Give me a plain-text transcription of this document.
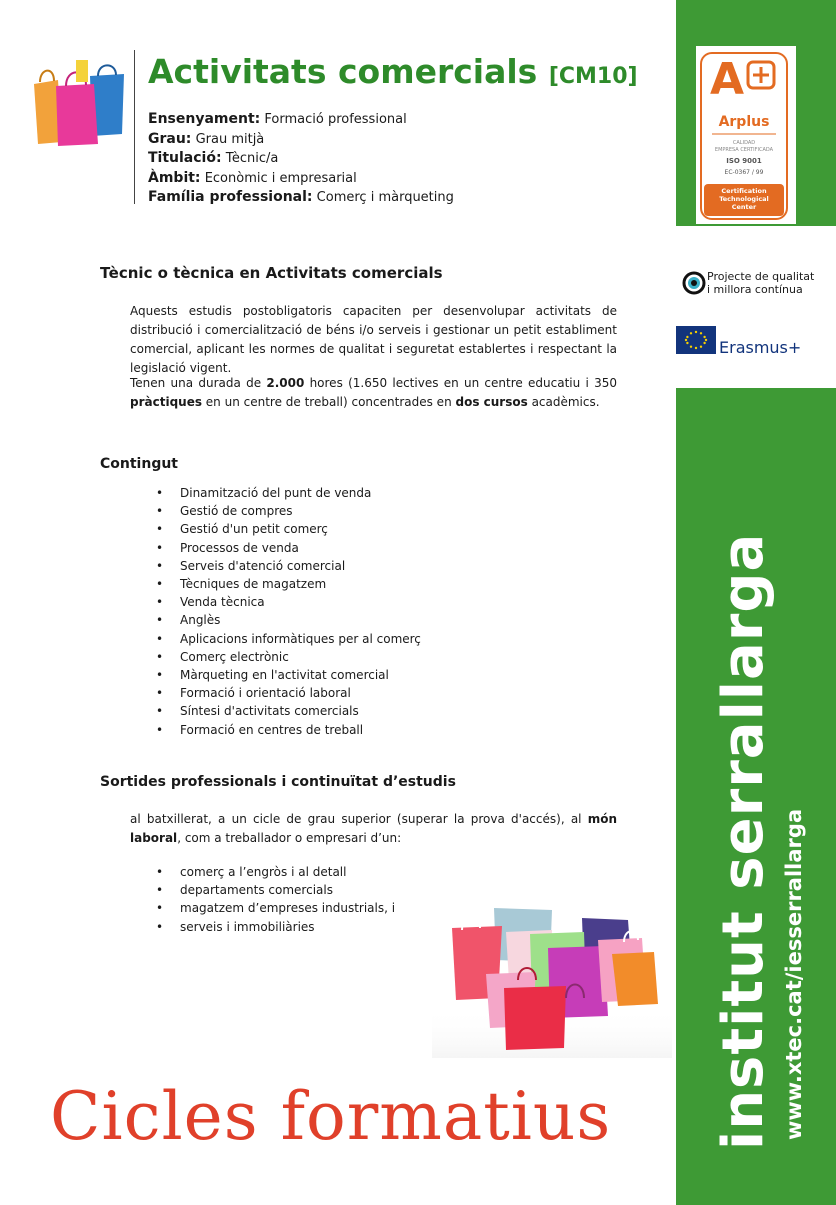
A
Arplus
CALIDAD
EMPRESA CERTIFICADA
ISO 9001
EC-0367 / 99
Certification Technological Center
Projecte de qualitat
i millora contínua
Erasmus+
institut serrallarga www.xtec.cat/iesserrallarga
Activitats comercials [CM10]
Ensenyament: Formació professional
Grau: Grau mitjà
Titulació: Tècnic/a
Àmbit: Econòmic i empresarial
Família professional: Comerç i màrqueting
Tècnic o tècnica en Activitats comercials
Aquests estudis postobligatoris capaciten per desenvolupar activitats de distribució i comercialització de béns i/o serveis i gestionar un petit establiment comercial, aplicant les normes de qualitat i seguretat establertes i respectant la legislació vigent.
Tenen una durada de 2.000 hores (1.650 lectives en un centre educatiu i 350 pràctiques en un centre de treball) concentrades en dos cursos acadèmics.
Contingut
• Dinamització del punt de venda
• Gestió de compres
• Gestió d'un petit comerç
• Processos de venda
• Serveis d'atenció comercial
• Tècniques de magatzem
• Venda tècnica
• Anglès
• Aplicacions informàtiques per al comerç
• Comerç electrònic
• Màrqueting en l'activitat comercial
• Formació i orientació laboral
• Síntesi d'activitats comercials
• Formació en centres de treball
Sortides professionals i continuïtat d’estudis
al batxillerat, a un cicle de grau superior (superar la prova d'accés), al món laboral, com a treballador o empresari d’un:
• comerç a l’engròs i al detall
• departaments comercials
• magatzem d’empreses industrials, i
• serveis i immobiliàries
Cicles formatius
